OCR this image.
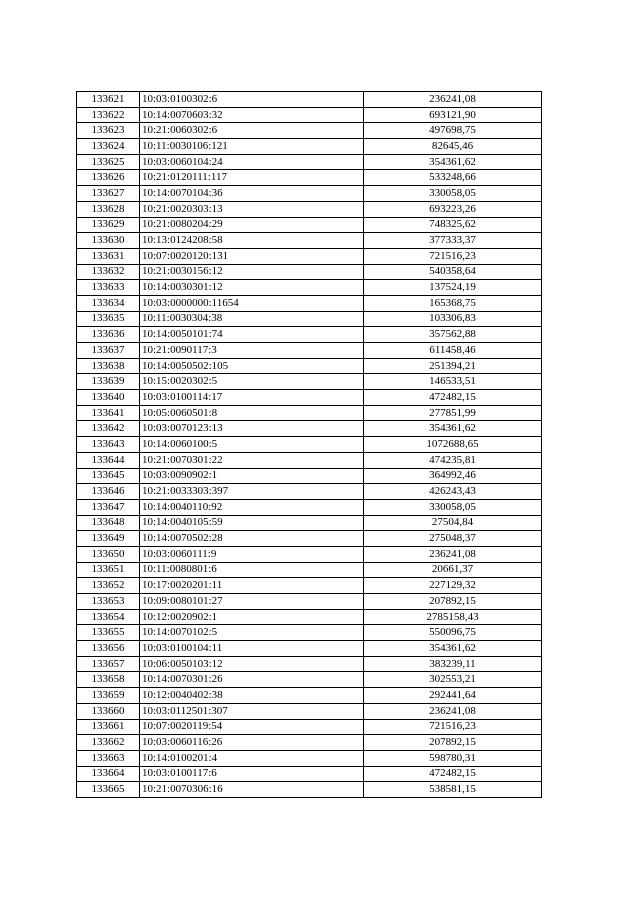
133621	10:03:0100302:6	236241,08
133622	10:14:0070603:32	693121,90
133623	10:21:0060302:6	497698,75
133624	10:11:0030106:121	82645,46
133625	10:03:0060104:24	354361,62
133626	10:21:0120111:117	533248,66
133627	10:14:0070104:36	330058,05
133628	10:21:0020303:13	693223,26
133629	10:21:0080204:29	748325,62
133630	10:13:0124208:58	377333,37
133631	10:07:0020120:131	721516,23
133632	10:21:0030156:12	540358,64
133633	10:14:0030301:12	137524,19
133634	10:03:0000000:11654	165368,75
133635	10:11:0030304:38	103306,83
133636	10:14:0050101:74	357562,88
133637	10:21:0090117:3	611458,46
133638	10:14:0050502:105	251394,21
133639	10:15:0020302:5	146533,51
133640	10:03:0100114:17	472482,15
133641	10:05:0060501:8	277851,99
133642	10:03:0070123:13	354361,62
133643	10:14:0060100:5	1072688,65
133644	10:21:0070301:22	474235,81
133645	10:03:0090902:1	364992,46
133646	10:21:0033303:397	426243,43
133647	10:14:0040110:92	330058,05
133648	10:14:0040105:59	27504,84
133649	10:14:0070502:28	275048,37
133650	10:03:0060111:9	236241,08
133651	10:11:0080801:6	20661,37
133652	10:17:0020201:11	227129,32
133653	10:09:0080101:27	207892,15
133654	10:12:0020902:1	2785158,43
133655	10:14:0070102:5	550096,75
133656	10:03:0100104:11	354361,62
133657	10:06:0050103:12	383239,11
133658	10:14:0070301:26	302553,21
133659	10:12:0040402:38	292441,64
133660	10:03:0112501:307	236241,08
133661	10:07:0020119:54	721516,23
133662	10:03:0060116:26	207892,15
133663	10:14:0100201:4	598780,31
133664	10:03:0100117:6	472482,15
133665	10:21:0070306:16	538581,15
